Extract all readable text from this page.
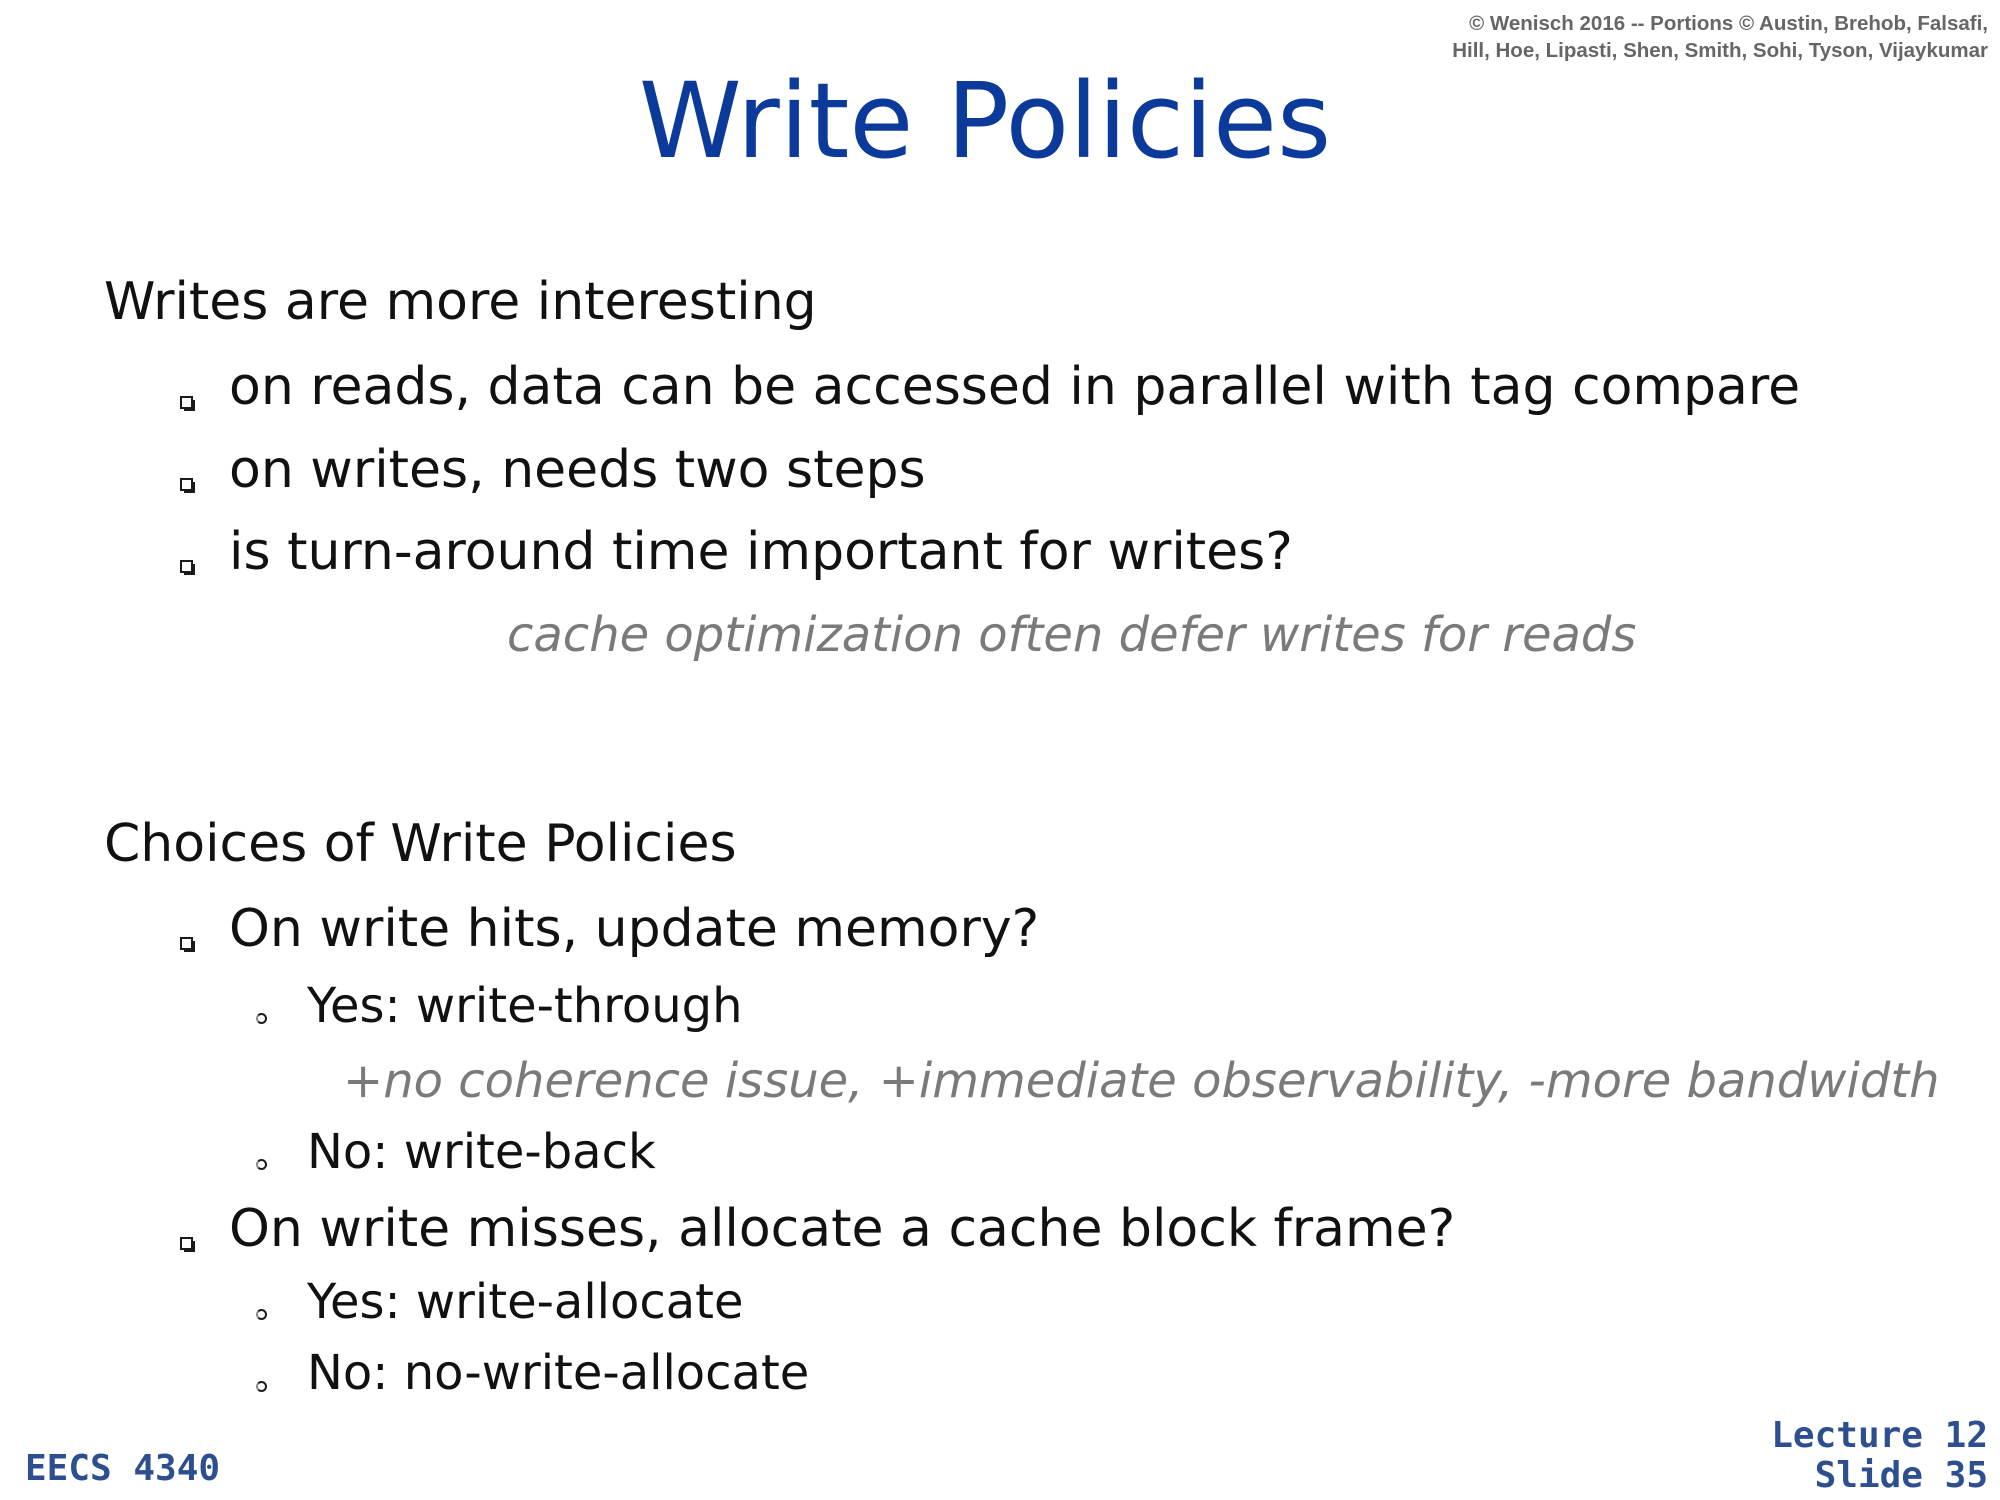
© Wenisch 2016 -- Portions © Austin, Brehob, Falsafi,
Hill, Hoe, Lipasti, Shen, Smith, Sohi, Tyson, Vijaykumar
Write Policies
Writes are more interesting
on reads, data can be accessed in parallel with tag compare
on writes, needs two steps
is turn-around time important for writes?
cache optimization often defer writes for reads
Choices of Write Policies
On write hits, update memory?
Yes: write-through
+no coherence issue, +immediate observability, -more bandwidth
No: write-back
On write misses, allocate a cache block frame?
Yes: write-allocate
No: no-write-allocate
EECS 4340
Lecture 12
Slide 35
